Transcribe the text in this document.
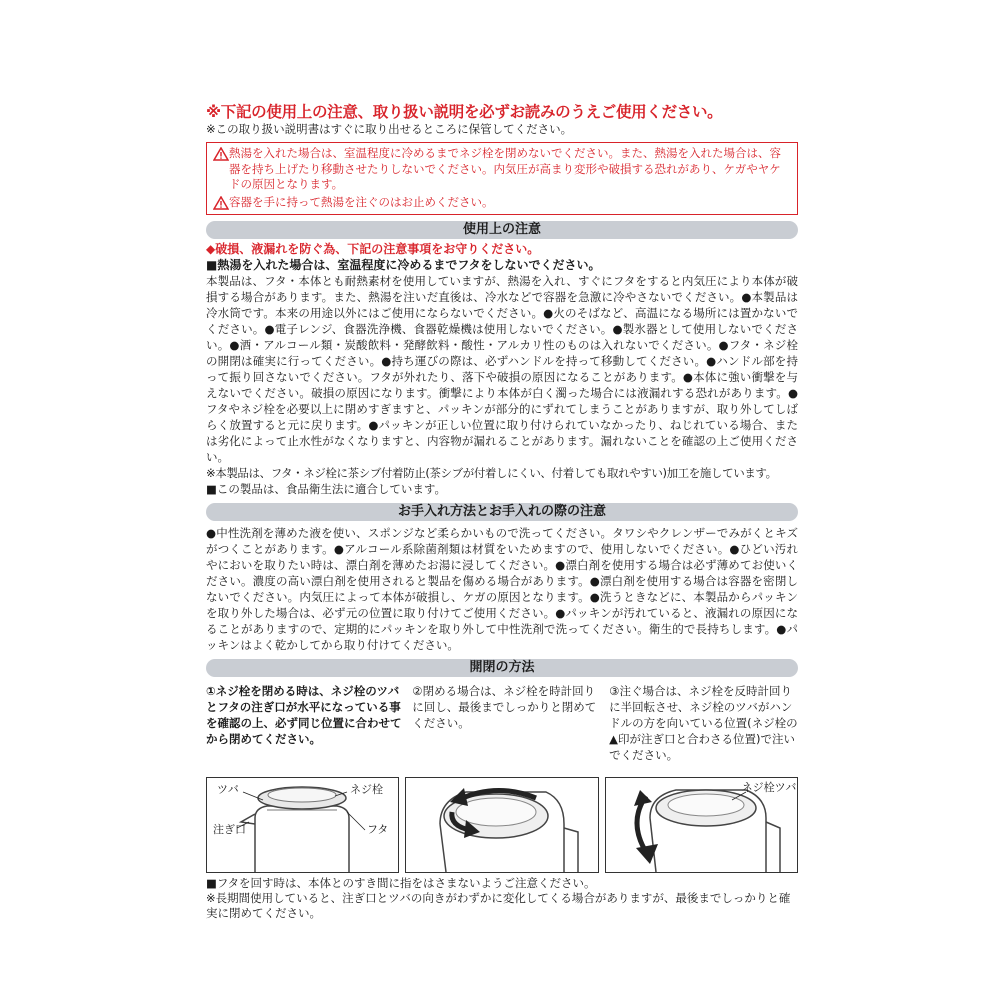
※下記の使用上の注意、取り扱い説明を必ずお読みのうえご使用ください。
※この取り扱い説明書はすぐに取り出せるところに保管してください。
熱湯を入れた場合は、室温程度に冷めるまでネジ栓を閉めないでください。また、熱湯を入れた場合は、容器を持ち上げたり移動させたりしないでください。内気圧が高まり変形や破損する恐れがあり、ケガやヤケドの原因となります。
容器を手に持って熱湯を注ぐのはお止めください。
使用上の注意
◆破損、液漏れを防ぐ為、下記の注意事項をお守りください。
■熱湯を入れた場合は、室温程度に冷めるまでフタをしないでください。
本製品は、フタ・本体とも耐熱素材を使用していますが、熱湯を入れ、すぐにフタをすると内気圧により本体が破損する場合があります。また、熱湯を注いだ直後は、冷水などで容器を急激に冷やさないでください。●本製品は冷水筒です。本来の用途以外にはご使用にならないでください。●火のそばなど、高温になる場所には置かないでください。●電子レンジ、食器洗浄機、食器乾燥機は使用しないでください。●製氷器として使用しないでください。●酒・アルコール類・炭酸飲料・発酵飲料・酸性・アルカリ性のものは入れないでください。●フタ・ネジ栓の開閉は確実に行ってください。●持ち運びの際は、必ずハンドルを持って移動してください。●ハンドル部を持って振り回さないでください。フタが外れたり、落下や破損の原因になることがあります。●本体に強い衝撃を与えないでください。破損の原因になります。衝撃により本体が白く濁った場合には液漏れする恐れがあります。●フタやネジ栓を必要以上に閉めすぎますと、パッキンが部分的にずれてしまうことがありますが、取り外してしばらく放置すると元に戻ります。●パッキンが正しい位置に取り付けられていなかったり、ねじれている場合、または劣化によって止水性がなくなりますと、内容物が漏れることがあります。漏れないことを確認の上ご使用ください。
※本製品は、フタ・ネジ栓に茶シブ付着防止(茶シブが付着しにくい、付着しても取れやすい)加工を施しています。
■この製品は、食品衛生法に適合しています。
お手入れ方法とお手入れの際の注意
●中性洗剤を薄めた液を使い、スポンジなど柔らかいもので洗ってください。タワシやクレンザーでみがくとキズがつくことがあります。●アルコール系除菌剤類は材質をいためますので、使用しないでください。●ひどい汚れやにおいを取りたい時は、漂白剤を薄めたお湯に浸してください。●漂白剤を使用する場合は必ず薄めてお使いください。濃度の高い漂白剤を使用されると製品を傷める場合があります。●漂白剤を使用する場合は容器を密閉しないでください。内気圧によって本体が破損し、ケガの原因となります。●洗うときなどに、本製品からパッキンを取り外した場合は、必ず元の位置に取り付けてご使用ください。●パッキンが汚れていると、液漏れの原因になることがありますので、定期的にパッキンを取り外して中性洗剤で洗ってください。衛生的で長持ちします。●パッキンはよく乾かしてから取り付けてください。
開閉の方法
①ネジ栓を閉める時は、ネジ栓のツバとフタの注ぎ口が水平になっている事を確認の上、必ず同じ位置に合わせてから閉めてください。
②閉める場合は、ネジ栓を時計回りに回し、最後までしっかりと閉めてください。
③注ぐ場合は、ネジ栓を反時計回りに半回転させ、ネジ栓のツバがハンドルの方を向いている位置(ネジ栓の▲印が注ぎ口と合わさる位置)で注いでください。
ツバ	ネジ栓
注ぎ口	フタ
ネジ栓ツバ
■フタを回す時は、本体とのすき間に指をはさまないようご注意ください。
※長期間使用していると、注ぎ口とツバの向きがわずかに変化してくる場合がありますが、最後までしっかりと確実に閉めてください。
